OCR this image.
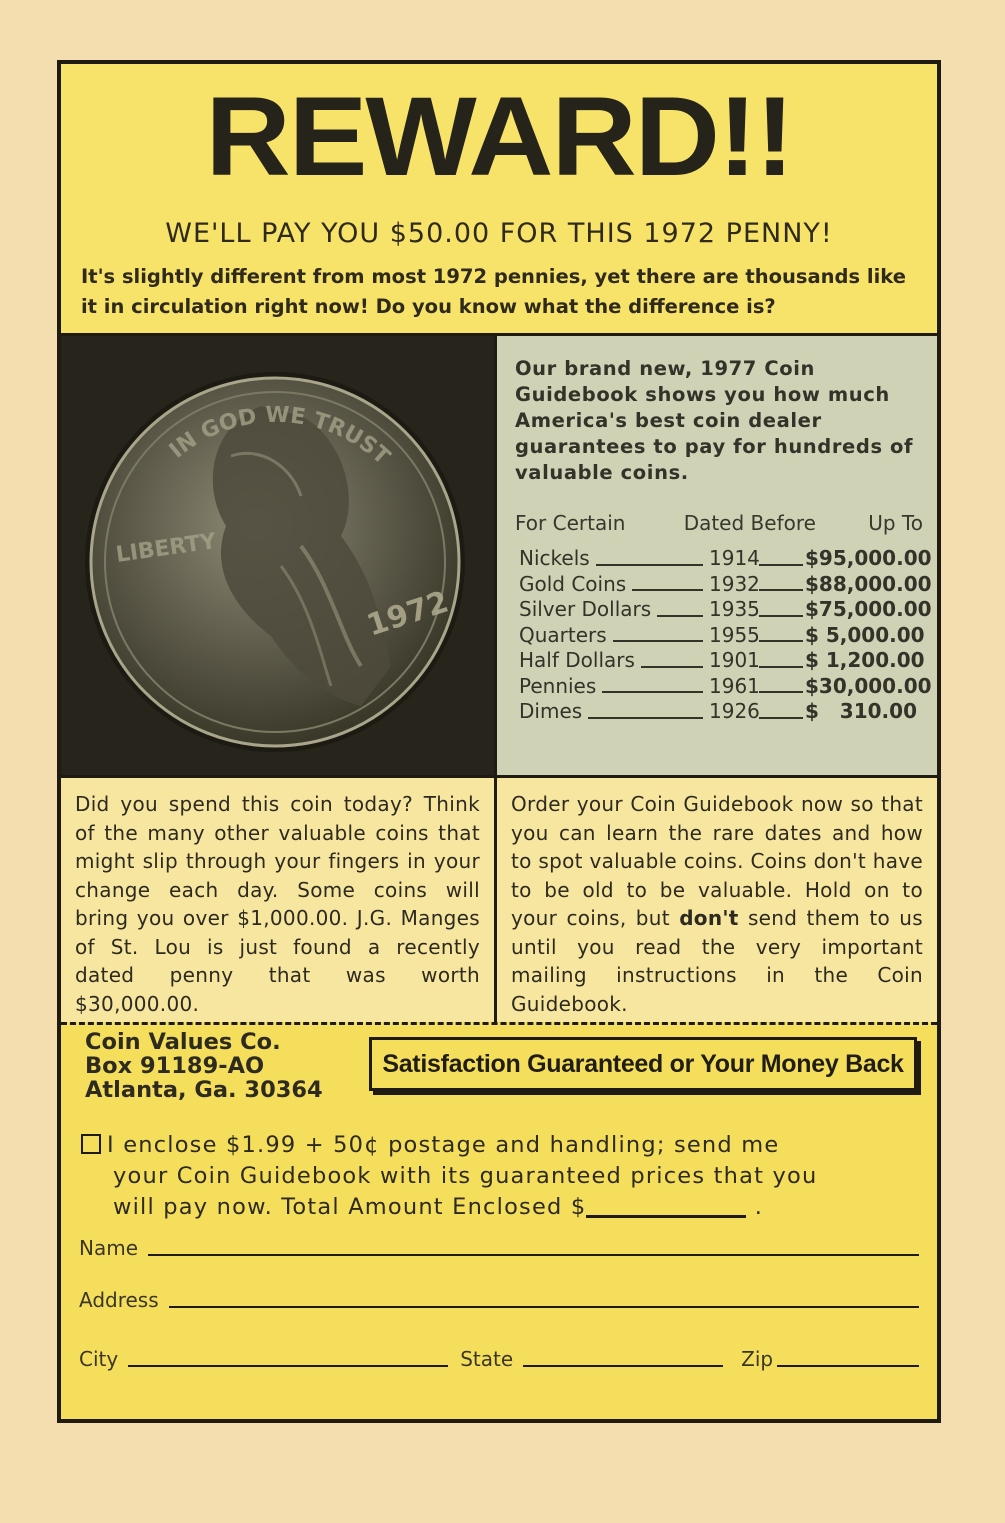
REWARD!!
WE'LL PAY YOU $50.00 FOR THIS 1972 PENNY!
It's slightly different from most 1972 pennies, yet there are thousands like it in circulation right now! Do you know what the difference is?
IN GOD WE TRUST
LIBERTY
1972
Our brand new, 1977 Coin Guidebook shows you how much America's best coin dealer guarantees to pay for hundreds of valuable coins.
For Certain	Dated Before	Up To
Nickels	1914 $95,000.00
Gold Coins	1932 $88,000.00
Silver Dollars	1935 $75,000.00
Quarters	1955 $ 5,000.00
Half Dollars	1901 $ 1,200.00
Pennies	1961 $30,000.00
Dimes	1926 $   310.00
Did you spend this coin today? Think of the many other valuable coins that might slip through your fingers in your change each day. Some coins will bring you over $1,000.00. J.G. Manges of St. Lou is just found a recently dated penny that was worth $30,000.00.
Order your Coin Guidebook now so that you can learn the rare dates and how to spot valuable coins. Coins don't have to be old to be valuable. Hold on to your coins, but don't send them to us until you read the very important mailing instructions in the Coin Guidebook.
Coin Values Co.
Box 91189-AO
Atlanta, Ga. 30364
Satisfaction Guaranteed or Your Money Back
I enclose $1.99 + 50¢ postage and handling; send me
your Coin Guidebook with its guaranteed prices that you
will pay now. Total Amount Enclosed $	.
Name
Address
City	State	Zip
